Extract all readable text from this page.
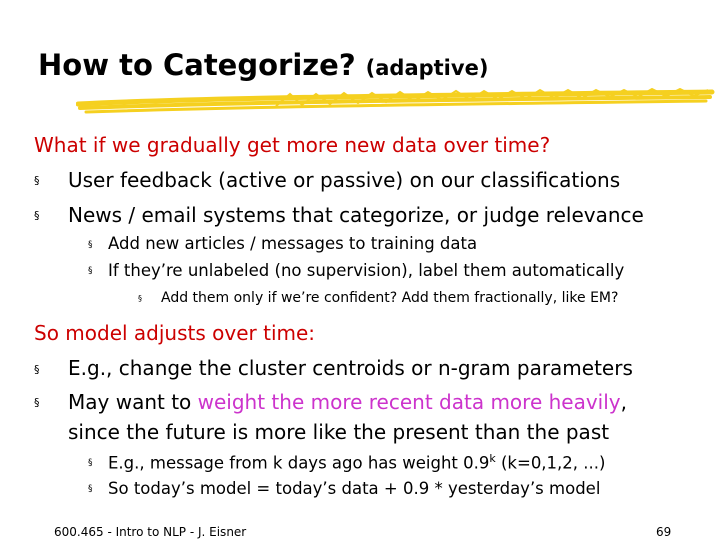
How to Categorize? (adaptive)
What if we gradually get more new data over time?
§ User feedback (active or passive) on our classifications
§ News / email systems that categorize, or judge relevance
§ Add new articles / messages to training data
§ If they’re unlabeled (no supervision), label them automatically
§ Add them only if we’re confident? Add them fractionally, like EM?
So model adjusts over time:
§ E.g., change the cluster centroids or n-gram parameters
§ May want to weight the more recent data more heavily,
since the future is more like the present than the past
§ E.g., message from k days ago has weight 0.9$^k$ (k=0,1,2, ...)
§ So today’s model = today’s data + 0.9 * yesterday’s model
600.465 - Intro to NLP - J. Eisner	69
